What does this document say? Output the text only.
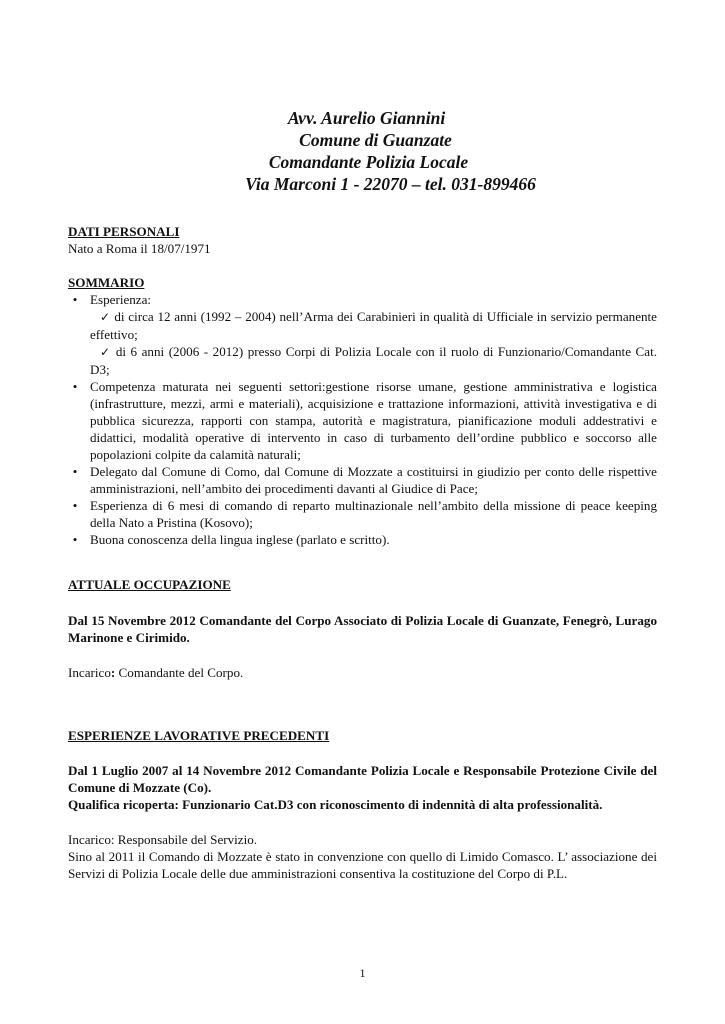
Avv. Aurelio Giannini
Comune di Guanzate
Comandante Polizia Locale
Via Marconi 1 - 22070 – tel. 031-899466

DATI PERSONALI

Nato a Roma il 18/07/1971

SOMMARIO

• Esperienza:
✓ di circa 12 anni (1992 – 2004) nell’Arma dei Carabinieri in qualità di Ufficiale in servizio permanente effettivo;
✓ di 6 anni (2006 - 2012) presso Corpi di Polizia Locale con il ruolo di Funzionario/Comandante Cat. D3;
• Competenza maturata nei seguenti settori:gestione risorse umane, gestione amministrativa e logistica (infrastrutture, mezzi, armi e materiali), acquisizione e trattazione informazioni, attività investigativa e di pubblica sicurezza, rapporti con stampa, autorità e magistratura, pianificazione moduli addestrativi e didattici, modalità operative di intervento in caso di turbamento dell’ordine pubblico e soccorso alle popolazioni colpite da calamità naturali;
• Delegato dal Comune di Como, dal Comune di Mozzate a costituirsi in giudizio per conto delle rispettive amministrazioni, nell’ambito dei procedimenti davanti al Giudice di Pace;
• Esperienza di 6 mesi di comando di reparto multinazionale nell’ambito della missione di peace keeping della Nato a Pristina (Kosovo);
• Buona conoscenza della lingua inglese (parlato e scritto).

ATTUALE OCCUPAZIONE

Dal 15 Novembre 2012 Comandante del Corpo Associato di Polizia Locale di Guanzate, Fenegrò, Lurago Marinone e Cirimido.

Incarico: Comandante del Corpo.

ESPERIENZE LAVORATIVE PRECEDENTI

Dal 1 Luglio 2007 al 14 Novembre 2012 Comandante Polizia Locale e Responsabile Protezione Civile del Comune di Mozzate (Co).

Qualifica ricoperta: Funzionario Cat.D3 con riconoscimento di indennità di alta professionalità.

Incarico: Responsabile del Servizio.

Sino al 2011 il Comando di Mozzate è stato in convenzione con quello di Limido Comasco. L’ associazione dei Servizi di Polizia Locale delle due amministrazioni consentiva la costituzione del Corpo di P.L.

1
